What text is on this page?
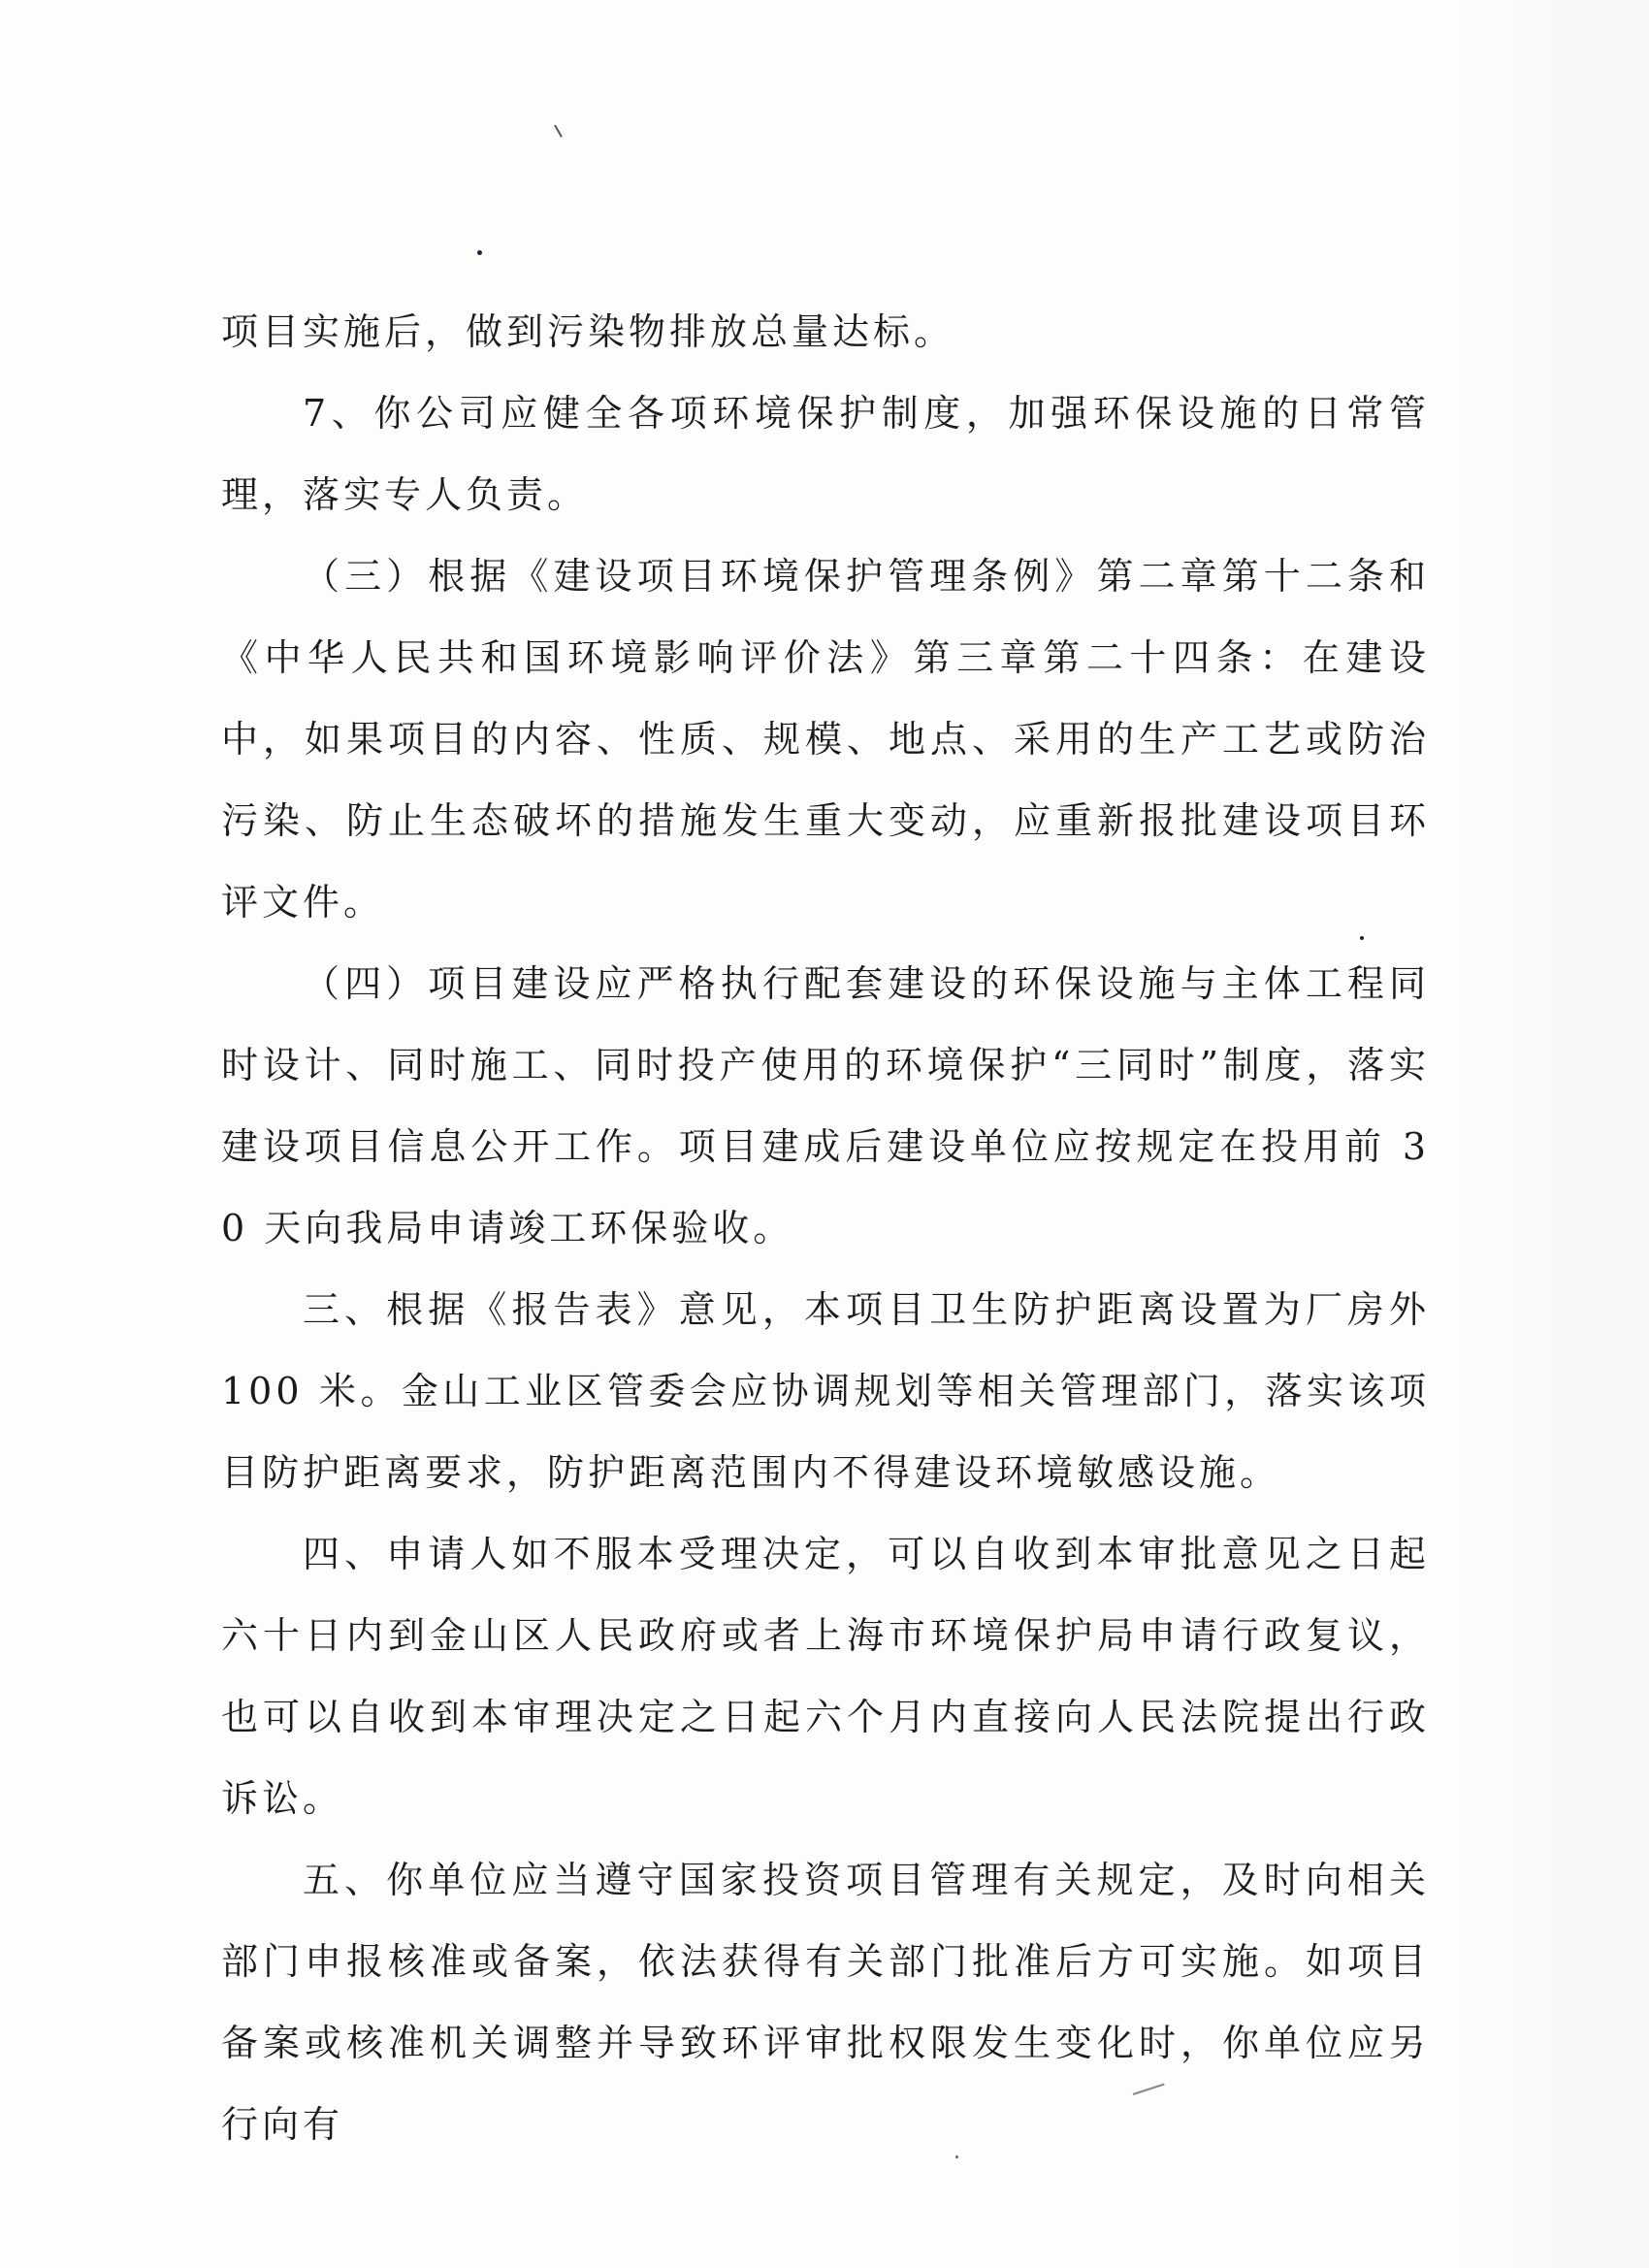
项目实施后，做到污染物排放总量达标。

7、你公司应健全各项环境保护制度，加强环保设施的日常管理，落实专人负责。

（三）根据《建设项目环境保护管理条例》第二章第十二条和《中华人民共和国环境影响评价法》第三章第二十四条：在建设中，如果项目的内容、性质、规模、地点、采用的生产工艺或防治污染、防止生态破坏的措施发生重大变动，应重新报批建设项目环评文件。

（四）项目建设应严格执行配套建设的环保设施与主体工程同时设计、同时施工、同时投产使用的环境保护“三同时”制度，落实建设项目信息公开工作。项目建成后建设单位应按规定在投用前 30 天向我局申请竣工环保验收。

三、根据《报告表》意见，本项目卫生防护距离设置为厂房外 100 米。金山工业区管委会应协调规划等相关管理部门，落实该项目防护距离要求，防护距离范围内不得建设环境敏感设施。

四、申请人如不服本受理决定，可以自收到本审批意见之日起六十日内到金山区人民政府或者上海市环境保护局申请行政复议，也可以自收到本审理决定之日起六个月内直接向人民法院提出行政诉讼。

五、你单位应当遵守国家投资项目管理有关规定，及时向相关部门申报核准或备案，依法获得有关部门批准后方可实施。如项目备案或核准机关调整并导致环评审批权限发生变化时，你单位应另行向有
